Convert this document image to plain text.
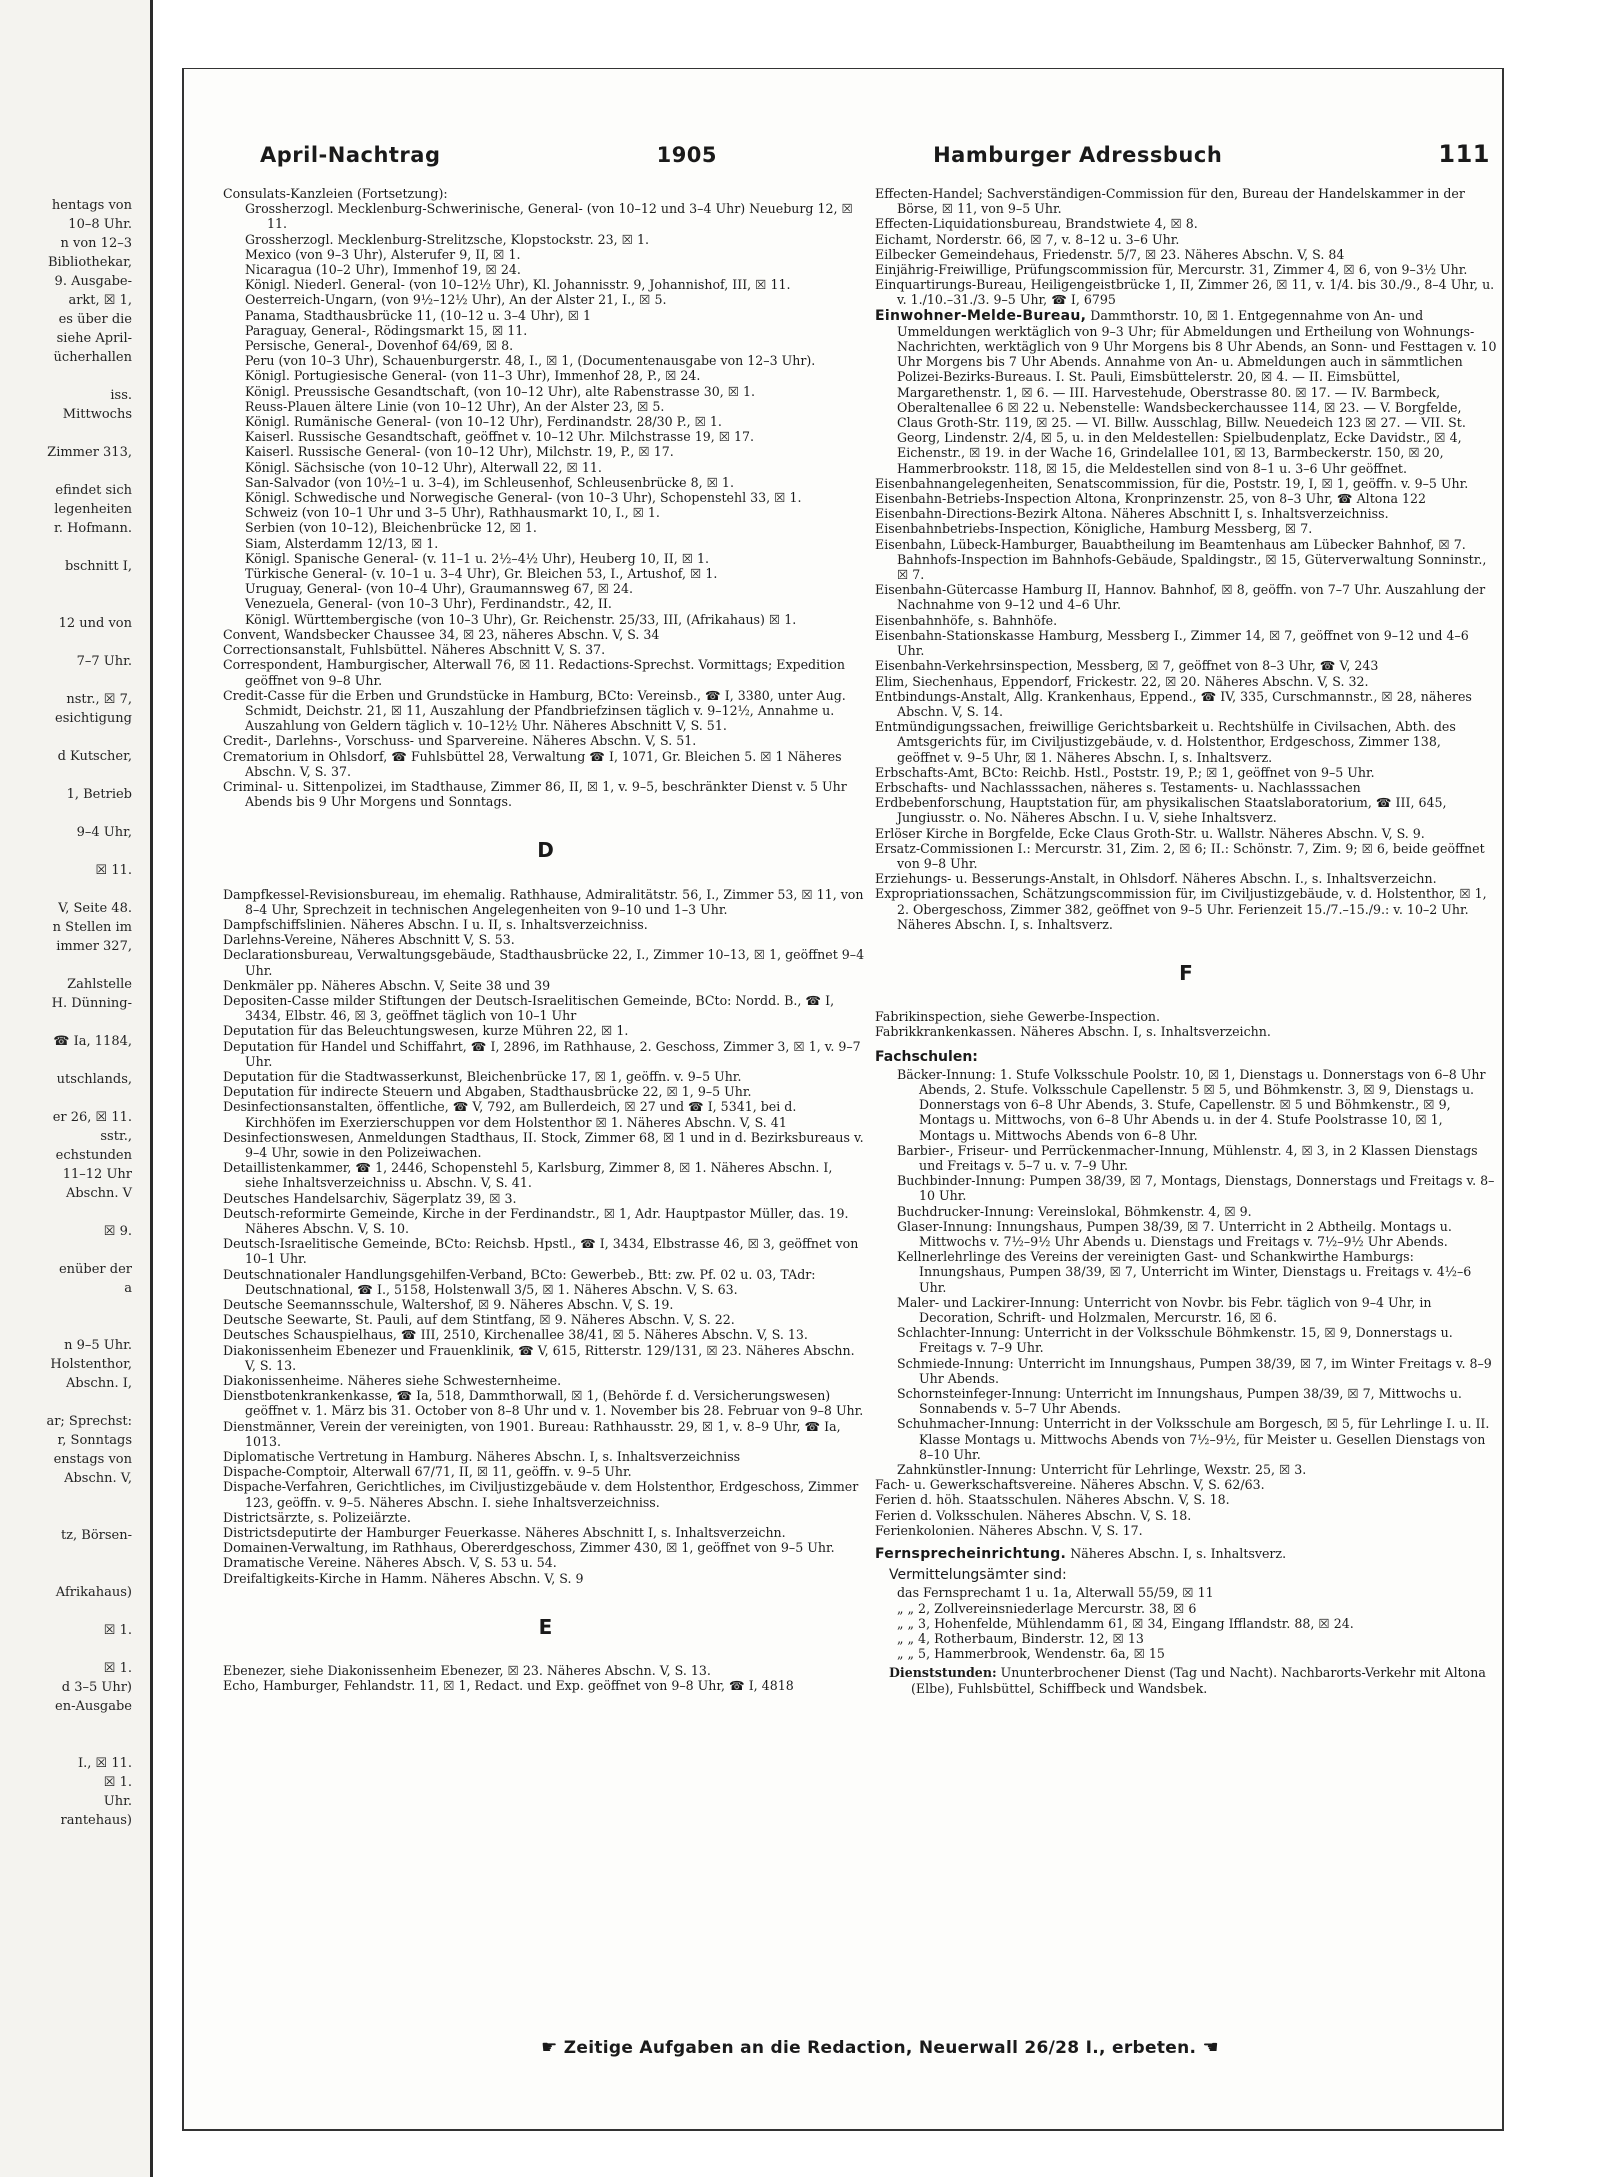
hentags von
10–8 Uhr.
n von 12–3
Bibliothekar,
9. Ausgabe-
arkt, ☒ 1,
es über die
siehe April-
ücherhallen

iss.
Mittwochs

Zimmer 313,

efindet sich
legenheiten
r. Hofmann.

bschnitt I,

12 und von

7–7 Uhr.

nstr., ☒ 7,
esichtigung

d Kutscher,

1, Betrieb

9–4 Uhr,

☒ 11.

V, Seite 48.
n Stellen im
immer 327,

Zahlstelle
H. Dünning-

☎ Ia, 1184,

utschlands,

er 26, ☒ 11.
sstr.,
echstunden
11–12 Uhr
Abschn. V

☒ 9.

enüber der
a

n 9–5 Uhr.
Holstenthor,
Abschn. I,

ar; Sprechst:
r, Sonntags
enstags von
Abschn. V,

tz, Börsen-

Afrikahaus)

☒ 1.

☒ 1.
d 3–5 Uhr)
en-Ausgabe

I., ☒ 11.
☒ 1.
Uhr.
rantehaus)
April-Nachtrag	1905	Hamburger Adressbuch	111

Consulats-Kanzleien (Fortsetzung):

Grossherzogl. Mecklenburg-Schwerinische, General- (von 10–12 und 3–4 Uhr) Neueburg 12, ☒ 11.

Grossherzogl. Mecklenburg-Strelitzsche, Klopstockstr. 23, ☒ 1.

Mexico (von 9–3 Uhr), Alsterufer 9, II, ☒ 1.

Nicaragua (10–2 Uhr), Immenhof 19, ☒ 24.

Königl. Niederl. General- (von 10–12½ Uhr), Kl. Johannisstr. 9, Johannishof, III, ☒ 11.

Oesterreich-Ungarn, (von 9½–12½ Uhr), An der Alster 21, I., ☒ 5.

Panama, Stadthausbrücke 11, (10–12 u. 3–4 Uhr), ☒ 1

Paraguay, General-, Rödingsmarkt 15, ☒ 11.

Persische, General-, Dovenhof 64/69, ☒ 8.

Peru (von 10–3 Uhr), Schauenburgerstr. 48, I., ☒ 1, (Documentenausgabe von 12–3 Uhr).

Königl. Portugiesische General- (von 11–3 Uhr), Immenhof 28, P., ☒ 24.

Königl. Preussische Gesandtschaft, (von 10–12 Uhr), alte Rabenstrasse 30, ☒ 1.

Reuss-Plauen ältere Linie (von 10–12 Uhr), An der Alster 23, ☒ 5.

Königl. Rumänische General- (von 10–12 Uhr), Ferdinandstr. 28/30 P., ☒ 1.

Kaiserl. Russische Gesandtschaft, geöffnet v. 10–12 Uhr. Milchstrasse 19, ☒ 17.

Kaiserl. Russische General- (von 10–12 Uhr), Milchstr. 19, P., ☒ 17.

Königl. Sächsische (von 10–12 Uhr), Alterwall 22, ☒ 11.

San-Salvador (von 10½–1 u. 3–4), im Schleusenhof, Schleusenbrücke 8, ☒ 1.

Königl. Schwedische und Norwegische General- (von 10–3 Uhr), Schopenstehl 33, ☒ 1.

Schweiz (von 10–1 Uhr und 3–5 Uhr), Rathhausmarkt 10, I., ☒ 1.

Serbien (von 10–12), Bleichenbrücke 12, ☒ 1.

Siam, Alsterdamm 12/13, ☒ 1.

Königl. Spanische General- (v. 11–1 u. 2½–4½ Uhr), Heuberg 10, II, ☒ 1.

Türkische General- (v. 10–1 u. 3–4 Uhr), Gr. Bleichen 53, I., Artushof, ☒ 1.

Uruguay, General- (von 10–4 Uhr), Graumannsweg 67, ☒ 24.

Venezuela, General- (von 10–3 Uhr), Ferdinandstr., 42, II.

Königl. Württembergische (von 10–3 Uhr), Gr. Reichenstr. 25/33, III, (Afrikahaus) ☒ 1.

Convent, Wandsbecker Chaussee 34, ☒ 23, näheres Abschn. V, S. 34

Correctionsanstalt, Fuhlsbüttel. Näheres Abschnitt V, S. 37.

Correspondent, Hamburgischer, Alterwall 76, ☒ 11. Redactions-Sprechst. Vormittags; Expedition geöffnet von 9–8 Uhr.

Credit-Casse für die Erben und Grundstücke in Hamburg, BCto: Vereinsb., ☎ I, 3380, unter Aug. Schmidt, Deichstr. 21, ☒ 11, Auszahlung der Pfandbriefzinsen täglich v. 9–12½, Annahme u. Auszahlung von Geldern täglich v. 10–12½ Uhr. Näheres Abschnitt V, S. 51.

Credit-, Darlehns-, Vorschuss- und Sparvereine. Näheres Abschn. V, S. 51.

Crematorium in Ohlsdorf, ☎ Fuhlsbüttel 28, Verwaltung ☎ I, 1071, Gr. Bleichen 5. ☒ 1 Näheres Abschn. V, S. 37.

Criminal- u. Sittenpolizei, im Stadthause, Zimmer 86, II, ☒ 1, v. 9–5, beschränkter Dienst v. 5 Uhr Abends bis 9 Uhr Morgens und Sonntags.

D

Dampfkessel-Revisionsbureau, im ehemalig. Rathhause, Admiralitätstr. 56, I., Zimmer 53, ☒ 11, von 8–4 Uhr, Sprechzeit in technischen Angelegenheiten von 9–10 und 1–3 Uhr.

Dampfschiffslinien. Näheres Abschn. I u. II, s. Inhaltsverzeichniss.

Darlehns-Vereine, Näheres Abschnitt V, S. 53.

Declarationsbureau, Verwaltungsgebäude, Stadthausbrücke 22, I., Zimmer 10–13, ☒ 1, geöffnet 9–4 Uhr.

Denkmäler pp. Näheres Abschn. V, Seite 38 und 39

Depositen-Casse milder Stiftungen der Deutsch-Israelitischen Gemeinde, BCto: Nordd. B., ☎ I, 3434, Elbstr. 46, ☒ 3, geöffnet täglich von 10–1 Uhr

Deputation für das Beleuchtungswesen, kurze Mühren 22, ☒ 1.

Deputation für Handel und Schiffahrt, ☎ I, 2896, im Rathhause, 2. Geschoss, Zimmer 3, ☒ 1, v. 9–7 Uhr.

Deputation für die Stadtwasserkunst, Bleichenbrücke 17, ☒ 1, geöffn. v. 9–5 Uhr.

Deputation für indirecte Steuern und Abgaben, Stadthausbrücke 22, ☒ 1, 9–5 Uhr.

Desinfectionsanstalten, öffentliche, ☎ V, 792, am Bullerdeich, ☒ 27 und ☎ I, 5341, bei d. Kirchhöfen im Exerzierschuppen vor dem Holstenthor ☒ 1. Näheres Abschn. V, S. 41

Desinfectionswesen, Anmeldungen Stadthaus, II. Stock, Zimmer 68, ☒ 1 und in d. Bezirksbureaus v. 9–4 Uhr, sowie in den Polizeiwachen.

Detaillistenkammer, ☎ 1, 2446, Schopenstehl 5, Karlsburg, Zimmer 8, ☒ 1. Näheres Abschn. I, siehe Inhaltsverzeichniss u. Abschn. V, S. 41.

Deutsches Handelsarchiv, Sägerplatz 39, ☒ 3.

Deutsch-reformirte Gemeinde, Kirche in der Ferdinandstr., ☒ 1, Adr. Hauptpastor Müller, das. 19. Näheres Abschn. V, S. 10.

Deutsch-Israelitische Gemeinde, BCto: Reichsb. Hpstl., ☎ I, 3434, Elbstrasse 46, ☒ 3, geöffnet von 10–1 Uhr.

Deutschnationaler Handlungsgehilfen-Verband, BCto: Gewerbeb., Btt: zw. Pf. 02 u. 03, TAdr: Deutschnational, ☎ I., 5158, Holstenwall 3/5, ☒ 1. Näheres Abschn. V, S. 63.

Deutsche Seemannsschule, Waltershof, ☒ 9. Näheres Abschn. V, S. 19.

Deutsche Seewarte, St. Pauli, auf dem Stintfang, ☒ 9. Näheres Abschn. V, S. 22.

Deutsches Schauspielhaus, ☎ III, 2510, Kirchenallee 38/41, ☒ 5. Näheres Abschn. V, S. 13.

Diakonissenheim Ebenezer und Frauenklinik, ☎ V, 615, Ritterstr. 129/131, ☒ 23. Näheres Abschn. V, S. 13.

Diakonissenheime. Näheres siehe Schwesternheime.

Dienstbotenkrankenkasse, ☎ Ia, 518, Dammthorwall, ☒ 1, (Behörde f. d. Versicherungswesen) geöffnet v. 1. März bis 31. October von 8–8 Uhr und v. 1. November bis 28. Februar von 9–8 Uhr.

Dienstmänner, Verein der vereinigten, von 1901. Bureau: Rathhausstr. 29, ☒ 1, v. 8–9 Uhr, ☎ Ia, 1013.

Diplomatische Vertretung in Hamburg. Näheres Abschn. I, s. Inhaltsverzeichniss

Dispache-Comptoir, Alterwall 67/71, II, ☒ 11, geöffn. v. 9–5 Uhr.

Dispache-Verfahren, Gerichtliches, im Civiljustizgebäude v. dem Holstenthor, Erdgeschoss, Zimmer 123, geöffn. v. 9–5. Näheres Abschn. I. siehe Inhaltsverzeichniss.

Districtsärzte, s. Polizeiärzte.

Districtsdeputirte der Hamburger Feuerkasse. Näheres Abschnitt I, s. Inhaltsverzeichn.

Domainen-Verwaltung, im Rathhaus, Obererdgeschoss, Zimmer 430, ☒ 1, geöffnet von 9–5 Uhr.

Dramatische Vereine. Näheres Absch. V, S. 53 u. 54.

Dreifaltigkeits-Kirche in Hamm. Näheres Abschn. V, S. 9

E

Ebenezer, siehe Diakonissenheim Ebenezer, ☒ 23. Näheres Abschn. V, S. 13.

Echo, Hamburger, Fehlandstr. 11, ☒ 1, Redact. und Exp. geöffnet von 9–8 Uhr, ☎ I, 4818

Effecten-Handel; Sachverständigen-Commission für den, Bureau der Handelskammer in der Börse, ☒ 11, von 9–5 Uhr.

Effecten-Liquidationsbureau, Brandstwiete 4, ☒ 8.

Eichamt, Norderstr. 66, ☒ 7, v. 8–12 u. 3–6 Uhr.

Eilbecker Gemeindehaus, Friedenstr. 5/7, ☒ 23. Näheres Abschn. V, S. 84

Einjährig-Freiwillige, Prüfungscommission für, Mercurstr. 31, Zimmer 4, ☒ 6, von 9–3½ Uhr.

Einquartirungs-Bureau, Heiligengeistbrücke 1, II, Zimmer 26, ☒ 11, v. 1/4. bis 30./9., 8–4 Uhr, u. v. 1./10.–31./3. 9–5 Uhr, ☎ I, 6795

Einwohner-Melde-Bureau, Dammthorstr. 10, ☒ 1. Entgegennahme von An- und Ummeldungen werktäglich von 9–3 Uhr; für Abmeldungen und Ertheilung von Wohnungs-Nachrichten, werktäglich von 9 Uhr Morgens bis 8 Uhr Abends, an Sonn- und Festtagen v. 10 Uhr Morgens bis 7 Uhr Abends. Annahme von An- u. Abmeldungen auch in sämmtlichen Polizei-Bezirks-Bureaus. I. St. Pauli, Eimsbüttelerstr. 20, ☒ 4. — II. Eimsbüttel, Margarethenstr. 1, ☒ 6. — III. Harvestehude, Oberstrasse 80. ☒ 17. — IV. Barmbeck, Oberaltenallee 6 ☒ 22 u. Nebenstelle: Wandsbeckerchaussee 114, ☒ 23. — V. Borgfelde, Claus Groth-Str. 119, ☒ 25. — VI. Billw. Ausschlag, Billw. Neuedeich 123 ☒ 27. — VII. St. Georg, Lindenstr. 2/4, ☒ 5, u. in den Meldestellen: Spielbudenplatz, Ecke Davidstr., ☒ 4, Eichenstr., ☒ 19. in der Wache 16, Grindelallee 101, ☒ 13, Barmbeckerstr. 150, ☒ 20, Hammerbrookstr. 118, ☒ 15, die Meldestellen sind von 8–1 u. 3–6 Uhr geöffnet.

Eisenbahnangelegenheiten, Senatscommission, für die, Poststr. 19, I, ☒ 1, geöffn. v. 9–5 Uhr.

Eisenbahn-Betriebs-Inspection Altona, Kronprinzenstr. 25, von 8–3 Uhr, ☎ Altona 122

Eisenbahn-Directions-Bezirk Altona. Näheres Abschnitt I, s. Inhaltsverzeichniss.

Eisenbahnbetriebs-Inspection, Königliche, Hamburg Messberg, ☒ 7.

Eisenbahn, Lübeck-Hamburger, Bauabtheilung im Beamtenhaus am Lübecker Bahnhof, ☒ 7. Bahnhofs-Inspection im Bahnhofs-Gebäude, Spaldingstr., ☒ 15, Güterverwaltung Sonninstr., ☒ 7.

Eisenbahn-Gütercasse Hamburg II, Hannov. Bahnhof, ☒ 8, geöffn. von 7–7 Uhr. Auszahlung der Nachnahme von 9–12 und 4–6 Uhr.

Eisenbahnhöfe, s. Bahnhöfe.

Eisenbahn-Stationskasse Hamburg, Messberg I., Zimmer 14, ☒ 7, geöffnet von 9–12 und 4–6 Uhr.

Eisenbahn-Verkehrsinspection, Messberg, ☒ 7, geöffnet von 8–3 Uhr, ☎ V, 243

Elim, Siechenhaus, Eppendorf, Frickestr. 22, ☒ 20. Näheres Abschn. V, S. 32.

Entbindungs-Anstalt, Allg. Krankenhaus, Eppend., ☎ IV, 335, Curschmannstr., ☒ 28, näheres Abschn. V, S. 14.

Entmündigungssachen, freiwillige Gerichtsbarkeit u. Rechtshülfe in Civilsachen, Abth. des Amtsgerichts für, im Civiljustizgebäude, v. d. Holstenthor, Erdgeschoss, Zimmer 138, geöffnet v. 9–5 Uhr, ☒ 1. Näheres Abschn. I, s. Inhaltsverz.

Erbschafts-Amt, BCto: Reichb. Hstl., Poststr. 19, P.; ☒ 1, geöffnet von 9–5 Uhr.

Erbschafts- und Nachlasssachen, näheres s. Testaments- u. Nachlasssachen

Erdbebenforschung, Hauptstation für, am physikalischen Staatslaboratorium, ☎ III, 645, Jungiusstr. o. No. Näheres Abschn. I u. V, siehe Inhaltsverz.

Erlöser Kirche in Borgfelde, Ecke Claus Groth-Str. u. Wallstr. Näheres Abschn. V, S. 9.

Ersatz-Commissionen I.: Mercurstr. 31, Zim. 2, ☒ 6; II.: Schönstr. 7, Zim. 9; ☒ 6, beide geöffnet von 9–8 Uhr.

Erziehungs- u. Besserungs-Anstalt, in Ohlsdorf. Näheres Abschn. I., s. Inhaltsverzeichn.

Expropriationssachen, Schätzungscommission für, im Civiljustizgebäude, v. d. Holstenthor, ☒ 1, 2. Obergeschoss, Zimmer 382, geöffnet von 9–5 Uhr. Ferienzeit 15./7.–15./9.: v. 10–2 Uhr. Näheres Abschn. I, s. Inhaltsverz.

F

Fabrikinspection, siehe Gewerbe-Inspection.

Fabrikkrankenkassen. Näheres Abschn. I, s. Inhaltsverzeichn.

Fachschulen:

Bäcker-Innung: 1. Stufe Volksschule Poolstr. 10, ☒ 1, Dienstags u. Donnerstags von 6–8 Uhr Abends, 2. Stufe. Volksschule Capellenstr. 5 ☒ 5, und Böhmkenstr. 3, ☒ 9, Dienstags u. Donnerstags von 6–8 Uhr Abends, 3. Stufe, Capellenstr. ☒ 5 und Böhmkenstr., ☒ 9, Montags u. Mittwochs, von 6–8 Uhr Abends u. in der 4. Stufe Poolstrasse 10, ☒ 1, Montags u. Mittwochs Abends von 6–8 Uhr.

Barbier-, Friseur- und Perrückenmacher-Innung, Mühlenstr. 4, ☒ 3, in 2 Klassen Dienstags und Freitags v. 5–7 u. v. 7–9 Uhr.

Buchbinder-Innung: Pumpen 38/39, ☒ 7, Montags, Dienstags, Donnerstags und Freitags v. 8–10 Uhr.

Buchdrucker-Innung: Vereinslokal, Böhmkenstr. 4, ☒ 9.

Glaser-Innung: Innungshaus, Pumpen 38/39, ☒ 7. Unterricht in 2 Abtheilg. Montags u. Mittwochs v. 7½–9½ Uhr Abends u. Dienstags und Freitags v. 7½–9½ Uhr Abends.

Kellnerlehrlinge des Vereins der vereinigten Gast- und Schankwirthe Hamburgs: Innungshaus, Pumpen 38/39, ☒ 7, Unterricht im Winter, Dienstags u. Freitags v. 4½–6 Uhr.

Maler- und Lackirer-Innung: Unterricht von Novbr. bis Febr. täglich von 9–4 Uhr, in Decoration, Schrift- und Holzmalen, Mercurstr. 16, ☒ 6.

Schlachter-Innung: Unterricht in der Volksschule Böhmkenstr. 15, ☒ 9, Donnerstags u. Freitags v. 7–9 Uhr.

Schmiede-Innung: Unterricht im Innungshaus, Pumpen 38/39, ☒ 7, im Winter Freitags v. 8–9 Uhr Abends.

Schornsteinfeger-Innung: Unterricht im Innungshaus, Pumpen 38/39, ☒ 7, Mittwochs u. Sonnabends v. 5–7 Uhr Abends.

Schuhmacher-Innung: Unterricht in der Volksschule am Borgesch, ☒ 5, für Lehrlinge I. u. II. Klasse Montags u. Mittwochs Abends von 7½–9½, für Meister u. Gesellen Dienstags von 8–10 Uhr.

Zahnkünstler-Innung: Unterricht für Lehrlinge, Wexstr. 25, ☒ 3.

Fach- u. Gewerkschaftsvereine. Näheres Abschn. V, S. 62/63.

Ferien d. höh. Staatsschulen. Näheres Abschn. V, S. 18.

Ferien d. Volksschulen. Näheres Abschn. V, S. 18.

Ferienkolonien. Näheres Abschn. V, S. 17.

Fernsprecheinrichtung. Näheres Abschn. I, s. Inhaltsverz.

Vermittelungsämter sind:

das Fernsprechamt 1 u. 1a, Alterwall 55/59, ☒ 11

„ „ 2, Zollvereinsniederlage Mercurstr. 38, ☒ 6

„ „ 3, Hohenfelde, Mühlendamm 61, ☒ 34, Eingang Ifflandstr. 88, ☒ 24.

„ „ 4, Rotherbaum, Binderstr. 12, ☒ 13

„ „ 5, Hammerbrook, Wendenstr. 6a, ☒ 15

Dienststunden: Ununterbrochener Dienst (Tag und Nacht). Nachbarorts-Verkehr mit Altona (Elbe), Fuhlsbüttel, Schiffbeck und Wandsbek.

☛ Zeitige Aufgaben an die Redaction, Neuerwall 26/28 I., erbeten. ☚
